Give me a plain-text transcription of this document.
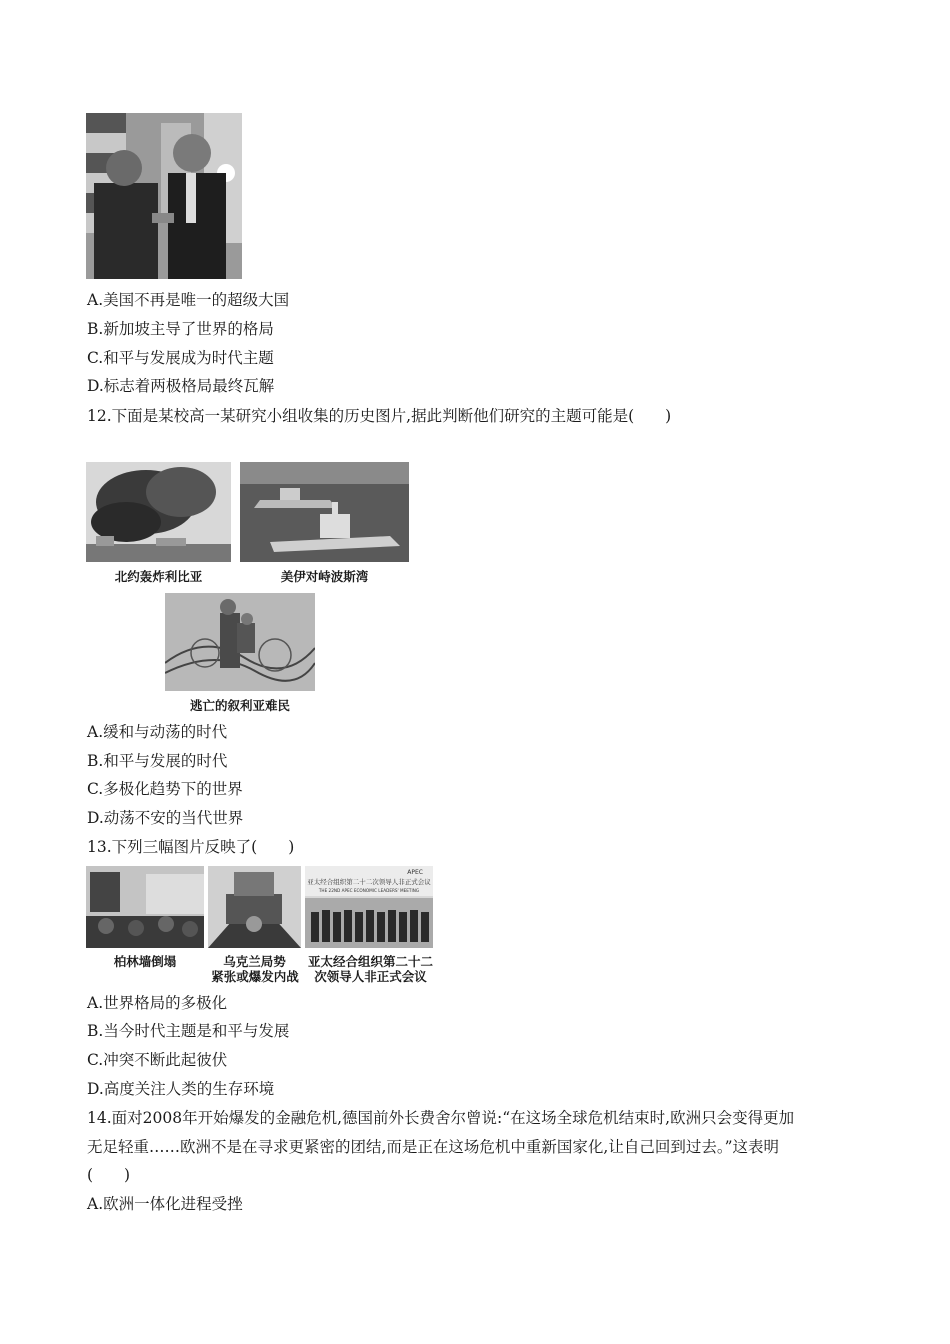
A.美国不再是唯一的超级大国
B.新加坡主导了世界的格局
C.和平与发展成为时代主题
D.标志着两极格局最终瓦解
12.下面是某校高一某研究小组收集的历史图片,据此判断他们研究的主题可能是(　　)
北约轰炸利比亚	美伊对峙波斯湾
逃亡的叙利亚难民
A.缓和与动荡的时代
B.和平与发展的时代
C.多极化趋势下的世界
D.动荡不安的当代世界
13.下列三幅图片反映了(　　)
APEC
亚太经合组织第二十二次领导人非正式会议
THE 22ND APEC ECONOMIC LEADERS' MEETING
柏林墙倒塌	乌克兰局势
紧张或爆发内战
亚太经合组织第二十二
次领导人非正式会议
A.世界格局的多极化
B.当今时代主题是和平与发展
C.冲突不断此起彼伏
D.高度关注人类的生存环境
14.面对2008年开始爆发的金融危机,德国前外长费舍尔曾说:“在这场全球危机结束时,欧洲只会变得更加
无足轻重……欧洲不是在寻求更紧密的团结,而是正在这场危机中重新国家化,让自己回到过去。”这表明
(　　)
A.欧洲一体化进程受挫
